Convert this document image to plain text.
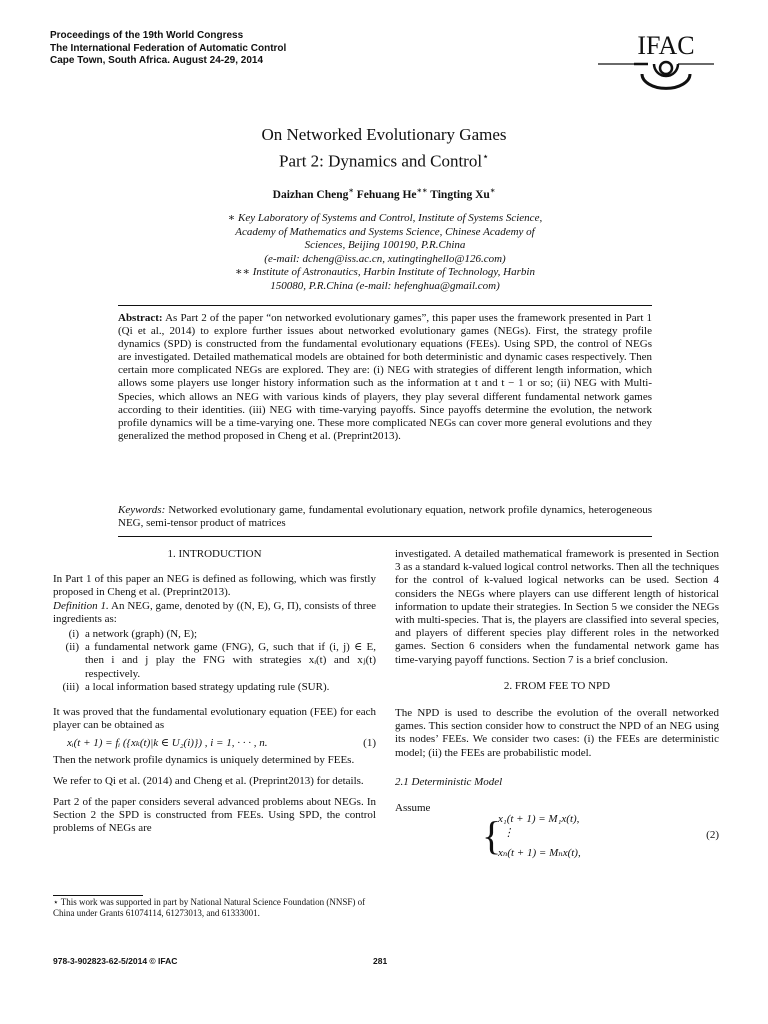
Proceedings of the 19th World Congress
The International Federation of Automatic Control
Cape Town, South Africa. August 24-29, 2014
IFAC
On Networked Evolutionary Games
Part 2: Dynamics and Control⋆
Daizhan Cheng∗ Fehuang He∗∗ Tingting Xu∗
∗ Key Laboratory of Systems and Control, Institute of Systems Science,
Academy of Mathematics and Systems Science, Chinese Academy of
Sciences, Beijing 100190, P.R.China
(e-mail: dcheng@iss.ac.cn, xutingtinghello@126.com)
∗∗ Institute of Astronautics, Harbin Institute of Technology, Harbin
150080, P.R.China (e-mail: hefenghua@gmail.com)
Abstract: As Part 2 of the paper “on networked evolutionary games”, this paper uses the framework presented in Part 1 (Qi et al., 2014) to explore further issues about networked evolutionary games (NEGs). First, the strategy profile dynamics (SPD) is constructed from the fundamental evolutionary equations (FEEs). Using SPD, the control of NEGs are investigated. Detailed mathematical models are obtained for both deterministic and dynamic cases respectively. Then certain more complicated NEGs are explored. They are: (i) NEG with strategies of different length information, which allows some players use longer history information such as the information at t and t − 1 or so; (ii) NEG with Multi-Species, which allows an NEG with various kinds of players, they play several different fundamental network games according to their identities. (iii) NEG with time-varying payoffs. Since payoffs determine the evolution, the network profile dynamics will be a time-varying one. These more complicated NEGs can cover more general evolutions and they generalized the method proposed in Cheng et al. (Preprint2013).
Keywords: Networked evolutionary game, fundamental evolutionary equation, network profile dynamics, heterogeneous NEG, semi-tensor product of matrices
1. INTRODUCTION

In Part 1 of this paper an NEG is defined as following, which was firstly proposed in Cheng et al. (Preprint2013).

Definition 1. An NEG, game, denoted by ((N, E), G, Π), consists of three ingredients as:

(i) a network (graph) (N, E);
(ii) a fundamental network game (FNG), G, such that if (i, j) ∈ E, then i and j play the FNG with strategies xᵢ(t) and xⱼ(t) respectively.
(iii) a local information based strategy updating rule (SUR).

It was proved that the fundamental evolutionary equation (FEE) for each player can be obtained as

xᵢ(t + 1) = fᵢ ({xₖ(t)|k ∈ U₂(i)}) , i = 1, · · · , n.	(1)

Then the network profile dynamics is uniquely determined by FEEs.

We refer to Qi et al. (2014) and Cheng et al. (Preprint2013) for details.

Part 2 of the paper considers several advanced problems about NEGs. In Section 2 the SPD is constructed from FEEs. Using SPD, the control problems of NEGs are

⋆ This work was supported in part by National Natural Science Foundation (NNSF) of China under Grants 61074114, 61273013, and 61333001.

investigated. A detailed mathematical framework is presented in Section 3 as a standard k-valued logical control networks. Then all the techniques for the control of k-valued logical networks can be used. Section 4 considers the NEGs where players can use different length of historical information to update their strategies. In Section 5 we consider the NEGs with multi-species. That is, the players are classified into several species, and players of different species play different roles in the networked games. Section 6 considers when the fundamental network game has time-varying payoff functions. Section 7 is a brief conclusion.

2. FROM FEE TO NPD

The NPD is used to describe the evolution of the overall networked games. This section consider how to construct the NPD of an NEG using its nodes’ FEEs. We consider two cases: (i) the FEEs are deterministic model; (ii) the FEEs are probabilistic model.

2.1 Deterministic Model
Assume
{
x₁(t + 1) = M₁x(t),
⋮
xₙ(t + 1) = Mₙx(t),
(2)
978-3-902823-62-5/2014 © IFAC	281
